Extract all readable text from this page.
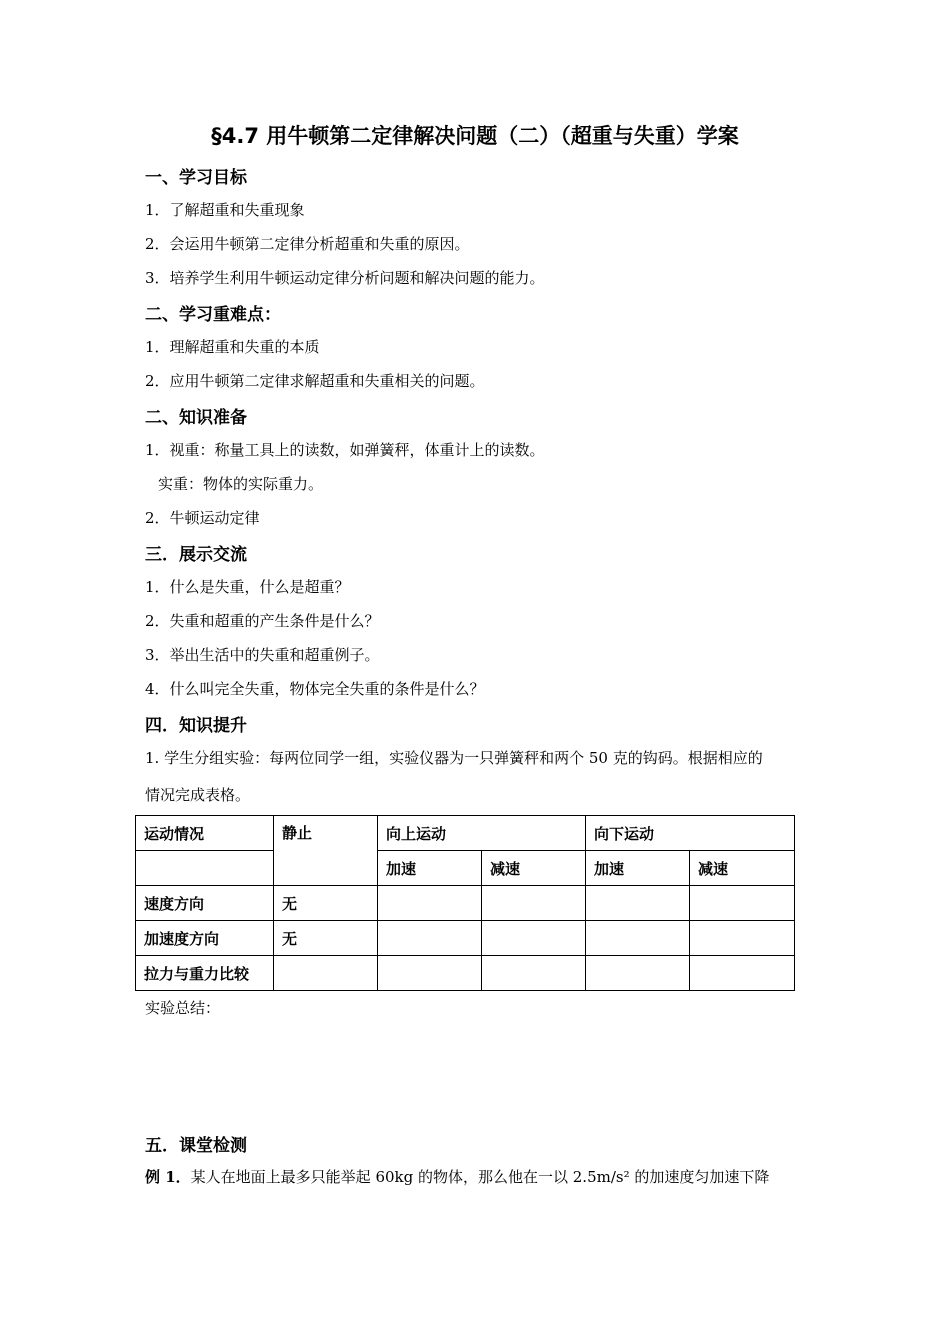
§4.7 用牛顿第二定律解决问题（二）（超重与失重）学案
一、学习目标
1．了解超重和失重现象
2．会运用牛顿第二定律分析超重和失重的原因。
3．培养学生利用牛顿运动定律分析问题和解决问题的能力。
二、学习重难点：
1．理解超重和失重的本质
2．应用牛顿第二定律求解超重和失重相关的问题。
二、知识准备
1．视重：称量工具上的读数，如弹簧秤，体重计上的读数。
实重：物体的实际重力。
2．牛顿运动定律
三．展示交流
1．什么是失重，什么是超重？
2．失重和超重的产生条件是什么？
3．举出生活中的失重和超重例子。
4．什么叫完全失重，物体完全失重的条件是什么？
四．知识提升
1. 学生分组实验：每两位同学一组，实验仪器为一只弹簧秤和两个 50 克的钩码。根据相应的
情况完成表格。
运动情况	静止	向上运动		向下运动	
		加速	减速	加速	减速
速度方向	无				
加速度方向	无				
拉力与重力比较					
实验总结：
五．课堂检测
例 1．某人在地面上最多只能举起 60kg 的物体，那么他在一以 2.5m/s² 的加速度匀加速下降
